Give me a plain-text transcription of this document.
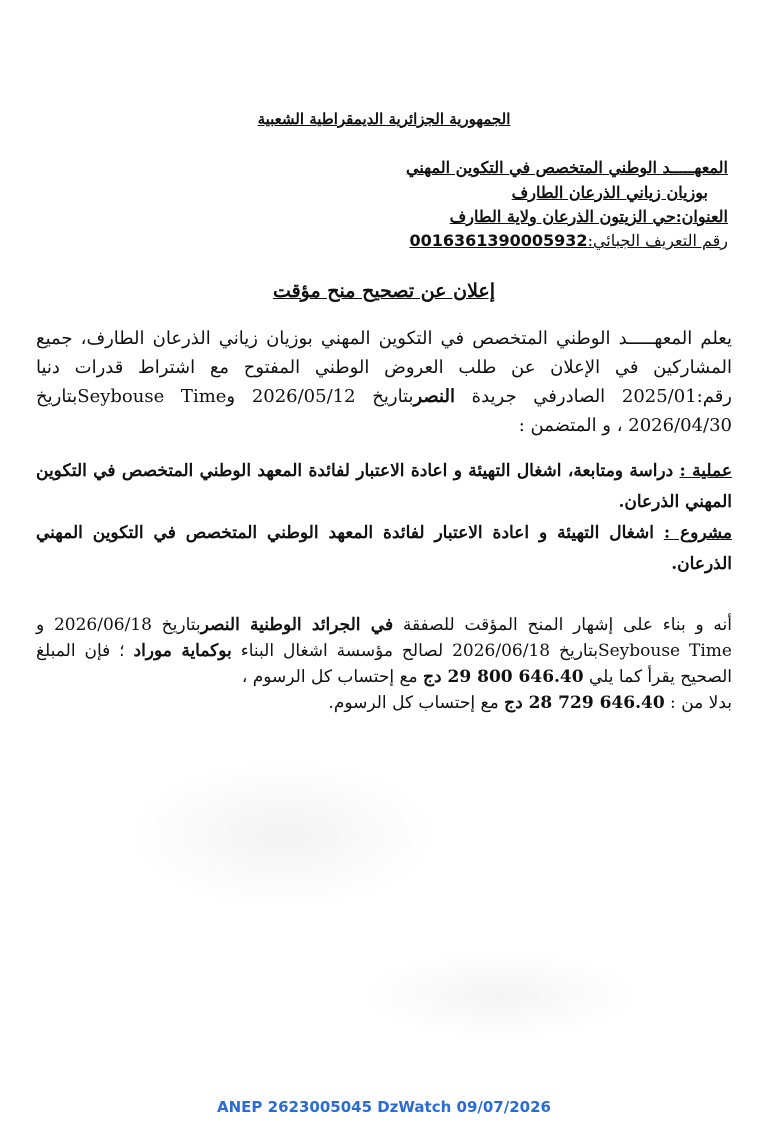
الجمهورية الجزائرية الديمقراطية الشعبية
المعهـــــد الوطني المتخصص في التكوين المهني
بوزيان زياني الذرعان الطارف
العنوان:حي الزيتون الذرعان ولاية الطارف
رقم التعريف الجبائي:001636139000593​2
إعلان عن تصحيح منح مؤقت
يعلم المعهـــــد الوطني المتخصص في التكوين المهني بوزيان زياني الذرعان الطارف، جميع المشاركين في الإعلان عن طلب العروض الوطني المفتوح مع اشتراط قدرات دنيا رقم:2025/01 الصادرفي جريدة النصربتاريخ 2026/05/12 وSeybouse Timeبتاريخ 2026/04/30 ، و المتضمن :
عملية : دراسة ومتابعة، اشغال التهيئة و اعادة الاعتبار لفائدة المعهد الوطني المتخصص في التكوين المهني الذرعان.
مشروع : اشغال التهيئة و اعادة الاعتبار لفائدة المعهد الوطني المتخصص في التكوين المهني الذرعان.
أنه و بناء على إشهار المنح المؤقت للصفقة في الجرائد الوطنية النصربتاريخ 2026/06/18 و Seybouse Timeبتاريخ 2026/06/18 لصالح مؤسسة اشغال البناء بوكماية موراد ؛ فإن المبلغ الصحيح يقرأ كما يلي 646.40 800 29 دج مع إحتساب كل الرسوم ،
بدلا من : 646.40 729 28 دج مع إحتساب كل الرسوم.
ANEP 2623005045 DzWatch 09/07/2026
